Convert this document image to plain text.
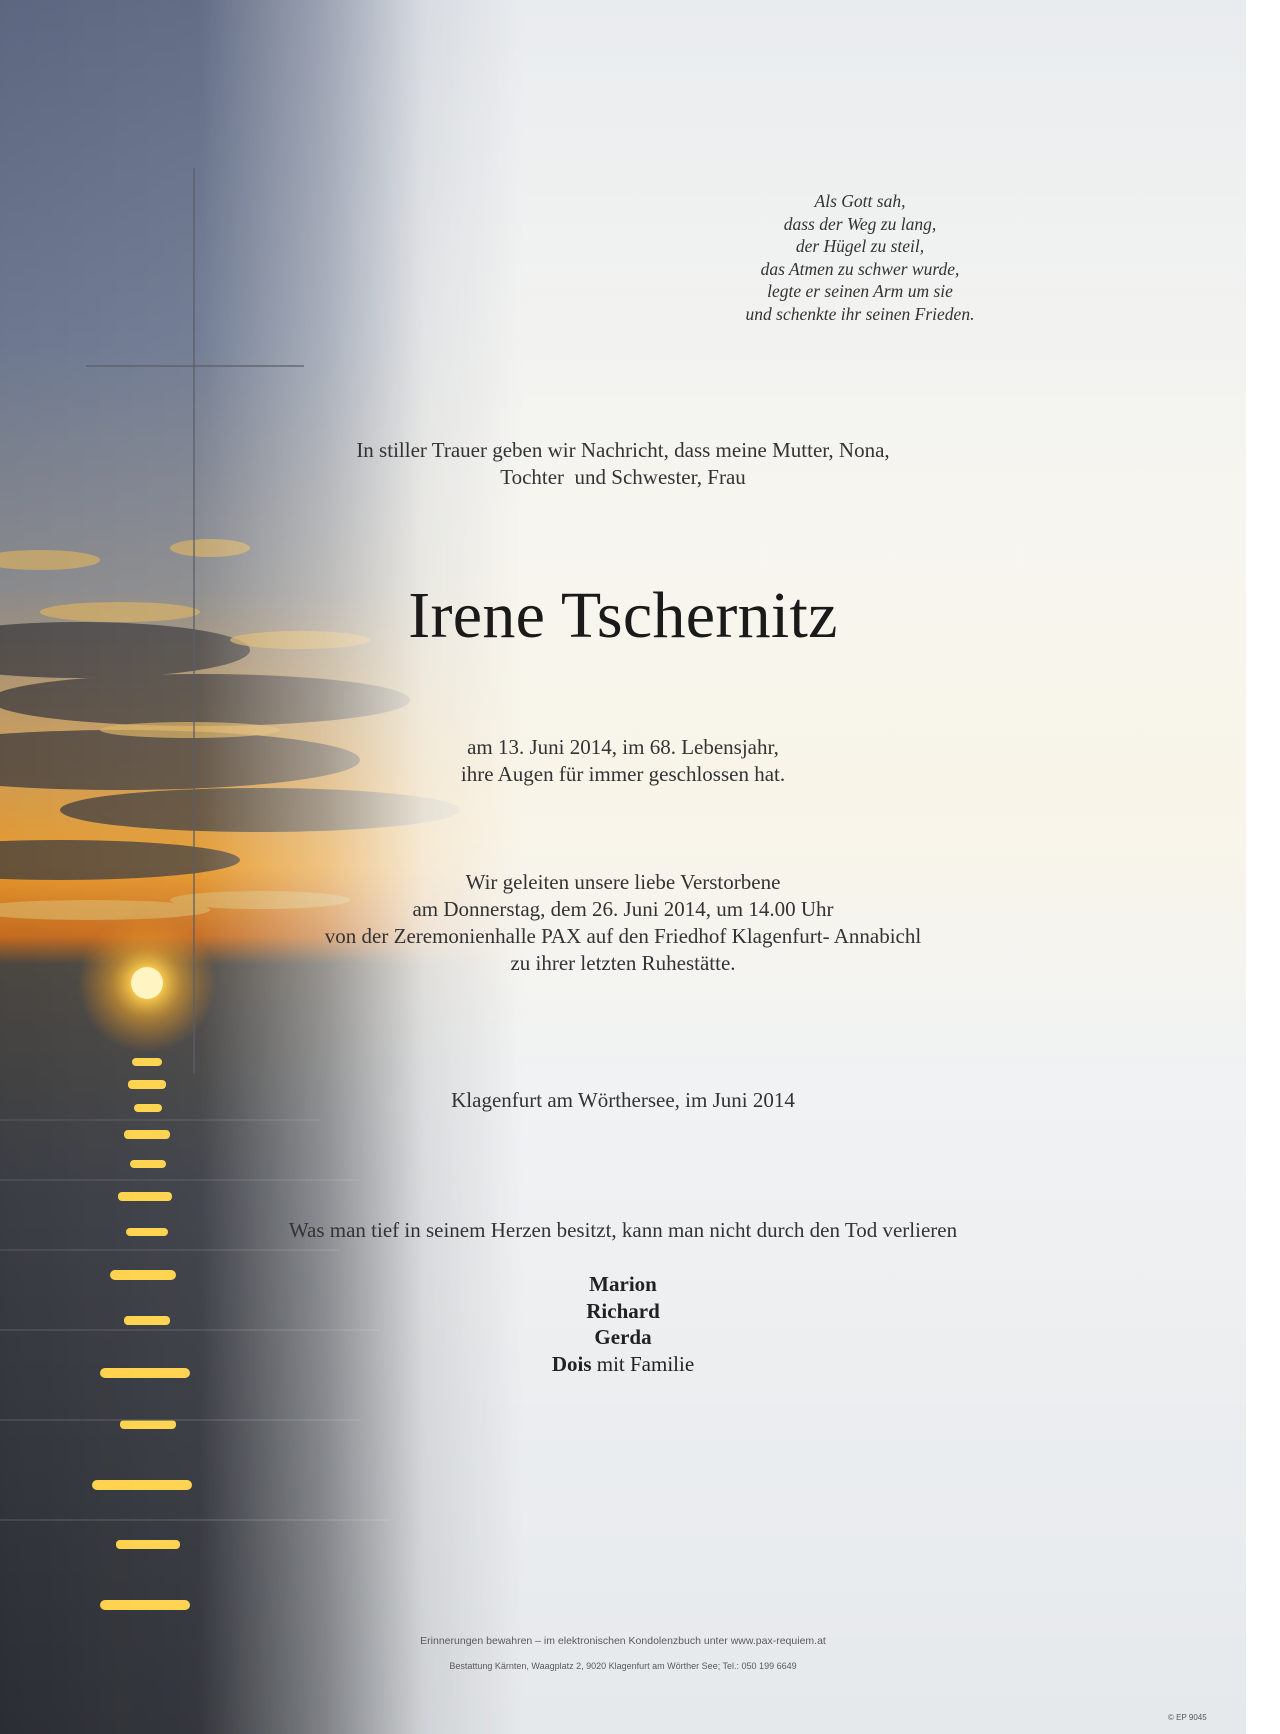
Als Gott sah,
dass der Weg zu lang,
der Hügel zu steil,
das Atmen zu schwer wurde,
legte er seinen Arm um sie
und schenkte ihr seinen Frieden.
In stiller Trauer geben wir Nachricht, dass meine Mutter, Nona,
Tochter  und Schwester, Frau
Irene Tschernitz
am 13. Juni 2014, im 68. Lebensjahr,
ihre Augen für immer geschlossen hat.
Wir geleiten unsere liebe Verstorbene
am Donnerstag, dem 26. Juni 2014, um 14.00 Uhr
von der Zeremonienhalle PAX auf den Friedhof Klagenfurt- Annabichl
zu ihrer letzten Ruhestätte.
Klagenfurt am Wörthersee, im Juni 2014
Was man tief in seinem Herzen besitzt, kann man nicht durch den Tod verlieren
Marion
Richard
Gerda
Dois mit Familie
Erinnerungen bewahren – im elektronischen Kondolenzbuch unter www.pax-requiem.at
Bestattung Kärnten, Waagplatz 2, 9020 Klagenfurt am Wörther See; Tel.: 050 199 6649
© EP 9045
